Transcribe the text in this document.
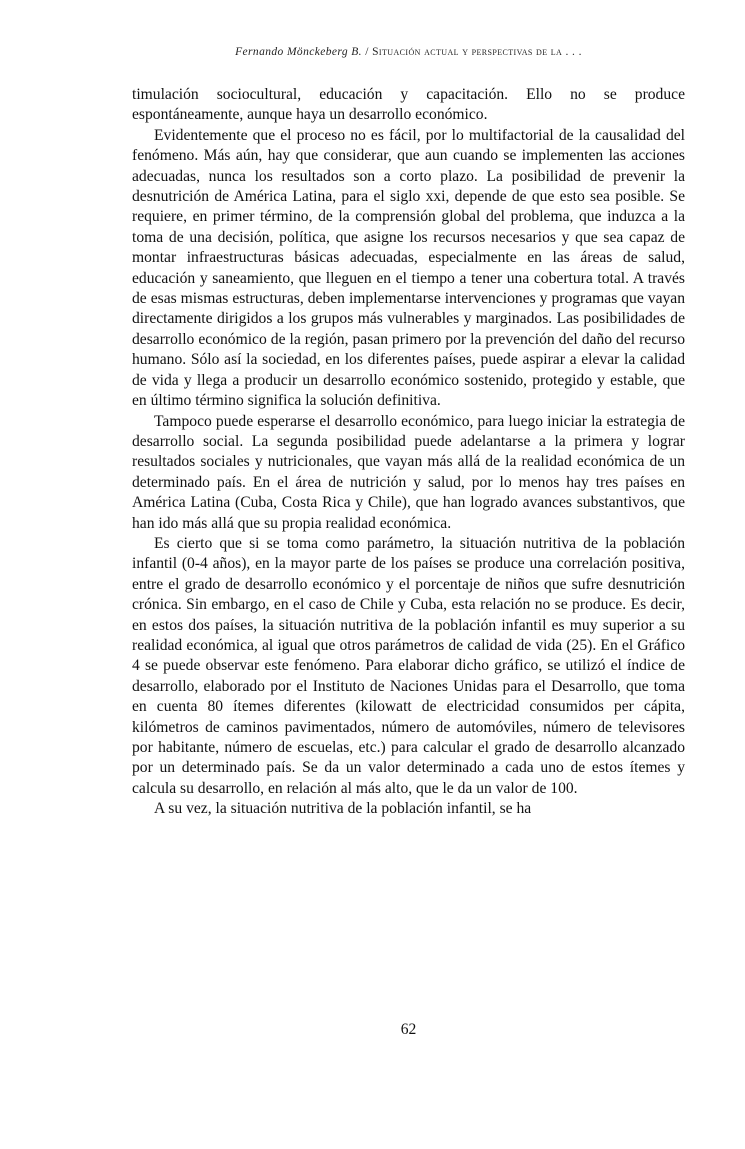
Fernando Mönckeberg B. / Situación actual y perspectivas de la . . .

timulación sociocultural, educación y capacitación. Ello no se produce espontáneamente, aunque haya un desarrollo económico.

Evidentemente que el proceso no es fácil, por lo multifactorial de la causalidad del fenómeno. Más aún, hay que considerar, que aun cuando se implementen las acciones adecuadas, nunca los resultados son a corto plazo. La posibilidad de prevenir la desnutrición de América Latina, para el siglo xxi, depende de que esto sea posible. Se requiere, en primer término, de la comprensión global del problema, que induzca a la toma de una decisión, política, que asigne los recursos necesarios y que sea capaz de montar infraestructuras básicas adecuadas, especialmente en las áreas de salud, educación y saneamiento, que lleguen en el tiempo a tener una cobertura total. A través de esas mismas estructuras, deben implementarse intervenciones y programas que vayan directamente dirigidos a los grupos más vulnerables y marginados. Las posibilidades de desarrollo económico de la región, pasan primero por la prevención del daño del recurso humano. Sólo así la sociedad, en los diferentes países, puede aspirar a elevar la calidad de vida y llega a producir un desarrollo económico sostenido, protegido y estable, que en último término significa la solución definitiva.

Tampoco puede esperarse el desarrollo económico, para luego iniciar la estrategia de desarrollo social. La segunda posibilidad puede adelantarse a la primera y lograr resultados sociales y nutricionales, que vayan más allá de la realidad económica de un determinado país. En el área de nutrición y salud, por lo menos hay tres países en América Latina (Cuba, Costa Rica y Chile), que han logrado avances substantivos, que han ido más allá que su propia realidad económica.

Es cierto que si se toma como parámetro, la situación nutritiva de la población infantil (0-4 años), en la mayor parte de los países se produce una correlación positiva, entre el grado de desarrollo económico y el porcentaje de niños que sufre desnutrición crónica. Sin embargo, en el caso de Chile y Cuba, esta relación no se produce. Es decir, en estos dos países, la situación nutritiva de la población infantil es muy superior a su realidad económica, al igual que otros parámetros de calidad de vida (25). En el Gráfico 4 se puede observar este fenómeno. Para elaborar dicho gráfico, se utilizó el índice de desarrollo, elaborado por el Instituto de Naciones Unidas para el Desarrollo, que toma en cuenta 80 ítemes diferentes (kilowatt de electricidad consumidos per cápita, kilómetros de caminos pavimentados, número de automóviles, número de televisores por habitante, número de escuelas, etc.) para calcular el grado de desarrollo alcanzado por un determinado país. Se da un valor determinado a cada uno de estos ítemes y calcula su desarrollo, en relación al más alto, que le da un valor de 100.

A su vez, la situación nutritiva de la población infantil, se ha

62
